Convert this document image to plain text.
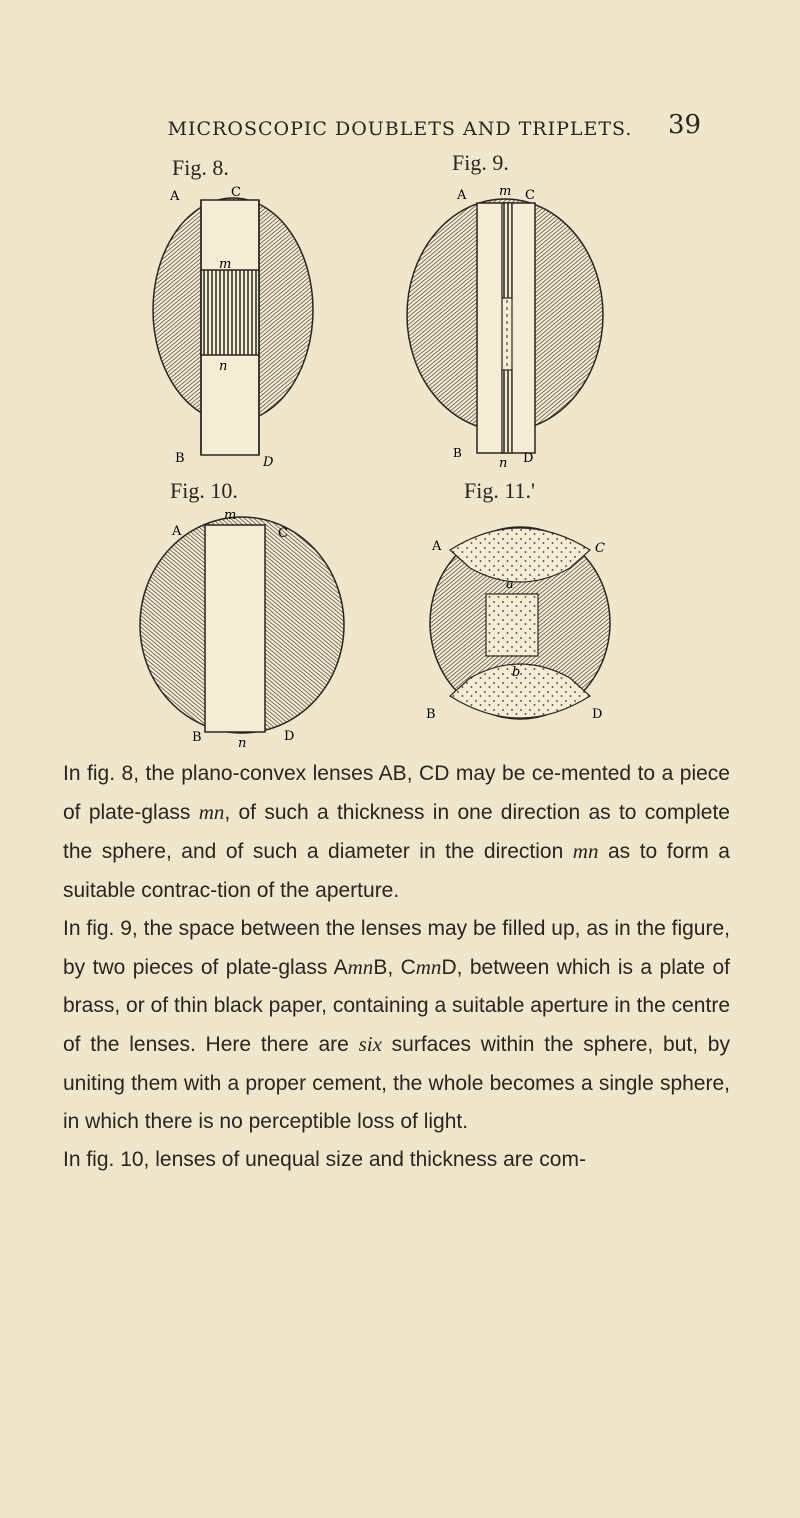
MICROSCOPIC DOUBLETS AND TRIPLETS.	39
Fig. 8.	Fig. 9.
Fig. 10.	Fig. 11.'
A	C
m
n
B	D
A	m C
B
n D
A
m
C
B	n	D
A	C
a
b
B	D

In fig. 8, the plano-convex lenses AB, CD may be ce-mented to a piece of plate-glass mn, of such a thickness in one direction as to complete the sphere, and of such a diameter in the direction mn as to form a suitable contrac-tion of the aperture.

In fig. 9, the space between the lenses may be filled up, as in the figure, by two pieces of plate-glass AmnB, CmnD, between which is a plate of brass, or of thin black paper, containing a suitable aperture in the centre of the lenses. Here there are six surfaces within the sphere, but, by uniting them with a proper cement, the whole becomes a single sphere, in which there is no perceptible loss of light.

In fig. 10, lenses of unequal size and thickness are com-
